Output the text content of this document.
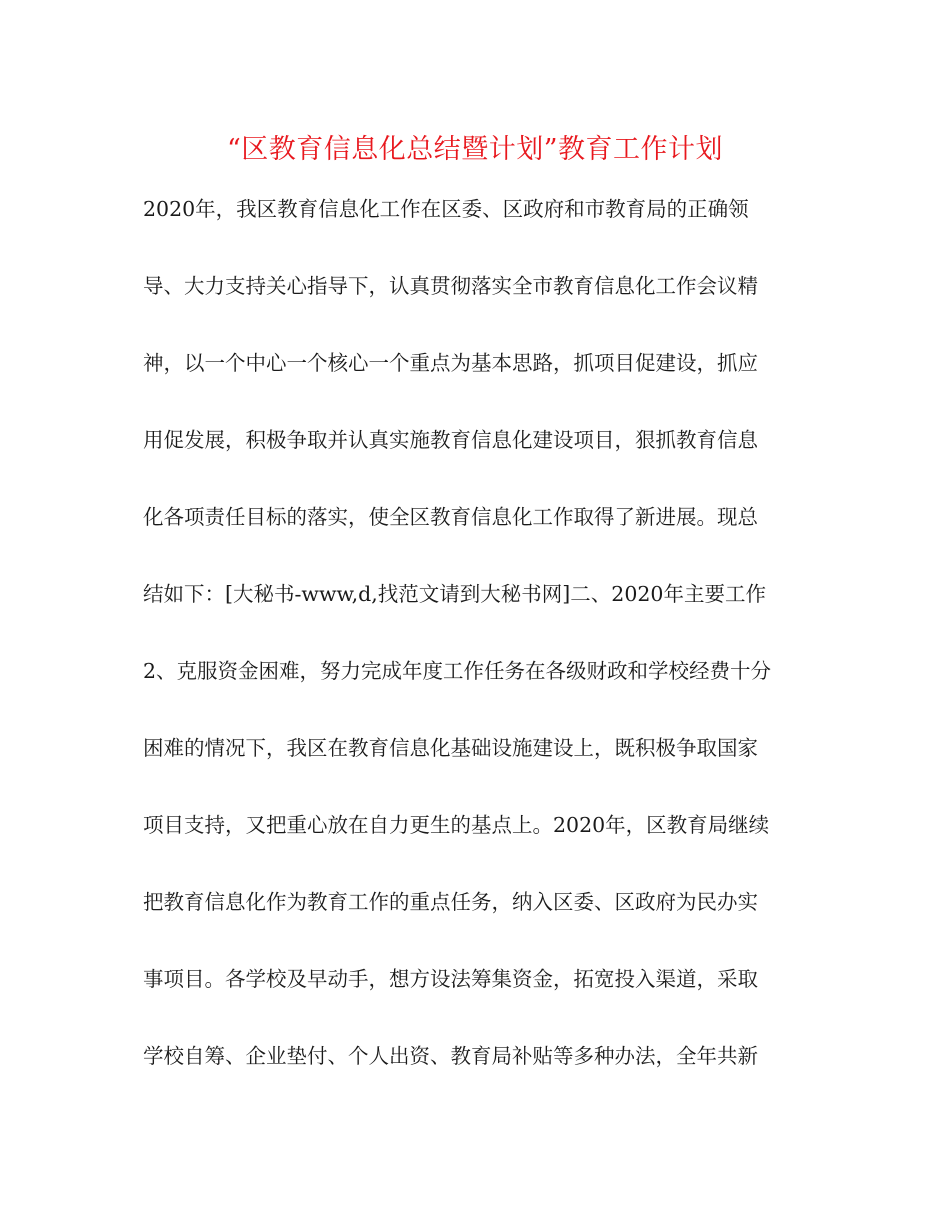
“区教育信息化总结暨计划”教育工作计划
2020年，我区教育信息化工作在区委、区政府和市教育局的正确领
导、大力支持关心指导下，认真贯彻落实全市教育信息化工作会议精
神，以一个中心一个核心一个重点为基本思路，抓项目促建设，抓应
用促发展，积极争取并认真实施教育信息化建设项目，狠抓教育信息
化各项责任目标的落实，使全区教育信息化工作取得了新进展。现总
结如下：[大秘书-www,d,找范文请到大秘书网]二、2020年主要工作
2、克服资金困难，努力完成年度工作任务在各级财政和学校经费十分
困难的情况下，我区在教育信息化基础设施建设上，既积极争取国家
项目支持，又把重心放在自力更生的基点上。2020年，区教育局继续
把教育信息化作为教育工作的重点任务，纳入区委、区政府为民办实
事项目。各学校及早动手，想方设法筹集资金，拓宽投入渠道，采取
学校自筹、企业垫付、个人出资、教育局补贴等多种办法，全年共新
